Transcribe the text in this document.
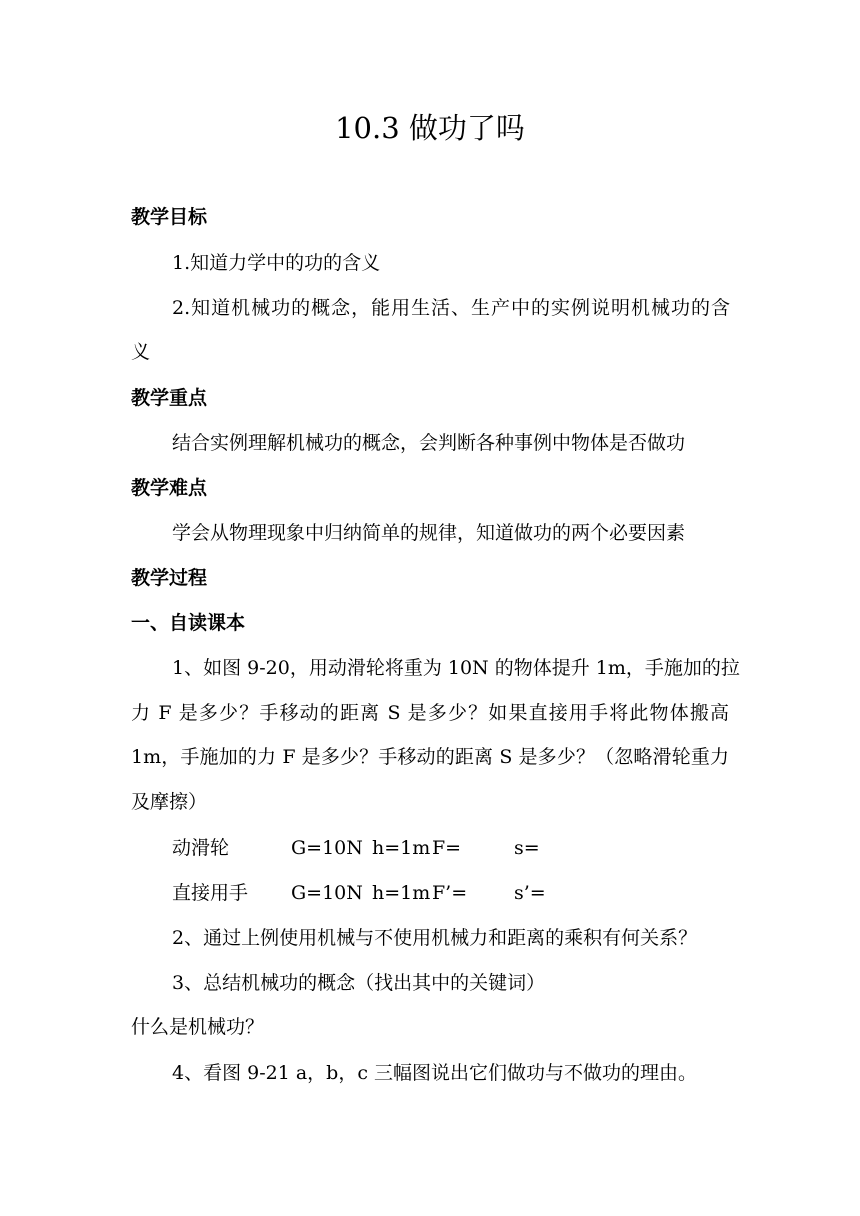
10.3 做功了吗
教学目标
1.知道力学中的功的含义
2.知道机械功的概念，能用生活、生产中的实例说明机械功的含
义
教学重点
结合实例理解机械功的概念，会判断各种事例中物体是否做功
教学难点
学会从物理现象中归纳简单的规律，知道做功的两个必要因素
教学过程
一、自读课本
1、如图 9-20，用动滑轮将重为 10N 的物体提升 1m，手施加的拉
力 F 是多少？手移动的距离 S 是多少？如果直接用手将此物体搬高
1m，手施加的力 F 是多少？手移动的距离 S 是多少？（忽略滑轮重力
及摩擦）
动滑轮	G=10N h=1m F=	s=
直接用手 G=10N h=1m F’= s’=
2、通过上例使用机械与不使用机械力和距离的乘积有何关系？
3、总结机械功的概念（找出其中的关键词）
什么是机械功？
4、看图 9-21 a，b，c 三幅图说出它们做功与不做功的理由。
